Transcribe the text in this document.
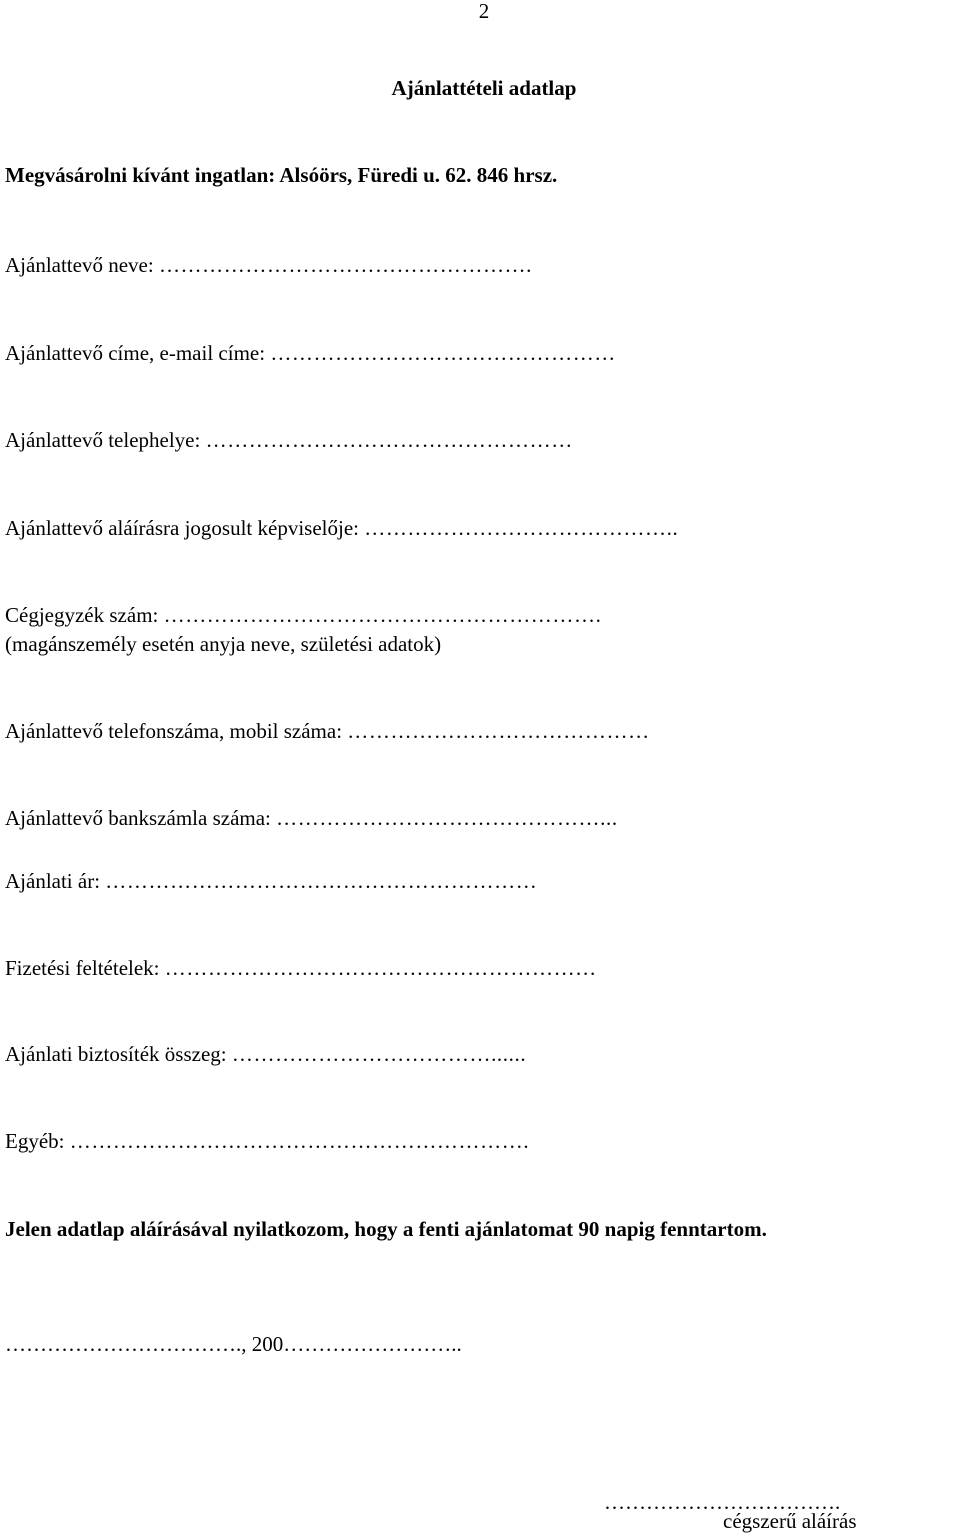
2

Ajánlattételi adatlap

Megvásárolni kívánt ingatlan: Alsóörs, Füredi u. 62. 846 hrsz.

Ajánlattevő neve: …………………………………………….

Ajánlattevő címe, e-mail címe: …………………………………………

Ajánlattevő telephelye: ……………………………………………

Ajánlattevő aláírásra jogosult képviselője: ……………………………………..

Cégjegyzék szám: …………………………………………………….

(magánszemély esetén anyja neve, születési adatok)

Ajánlattevő telefonszáma, mobil száma: ……………………………………

Ajánlattevő bankszámla száma: ………………………………………...

Ajánlati ár: ……………………………………………………

Fizetési feltételek: ……………………………………………………

Ajánlati biztosíték összeg: ………………………………......

Egyéb: ……………………………………………………….

Jelen adatlap aláírásával nyilatkozom, hogy a fenti ajánlatomat 90 napig fenntartom.

……………………………., 200……………………..

…………………………….

cégszerű aláírás
